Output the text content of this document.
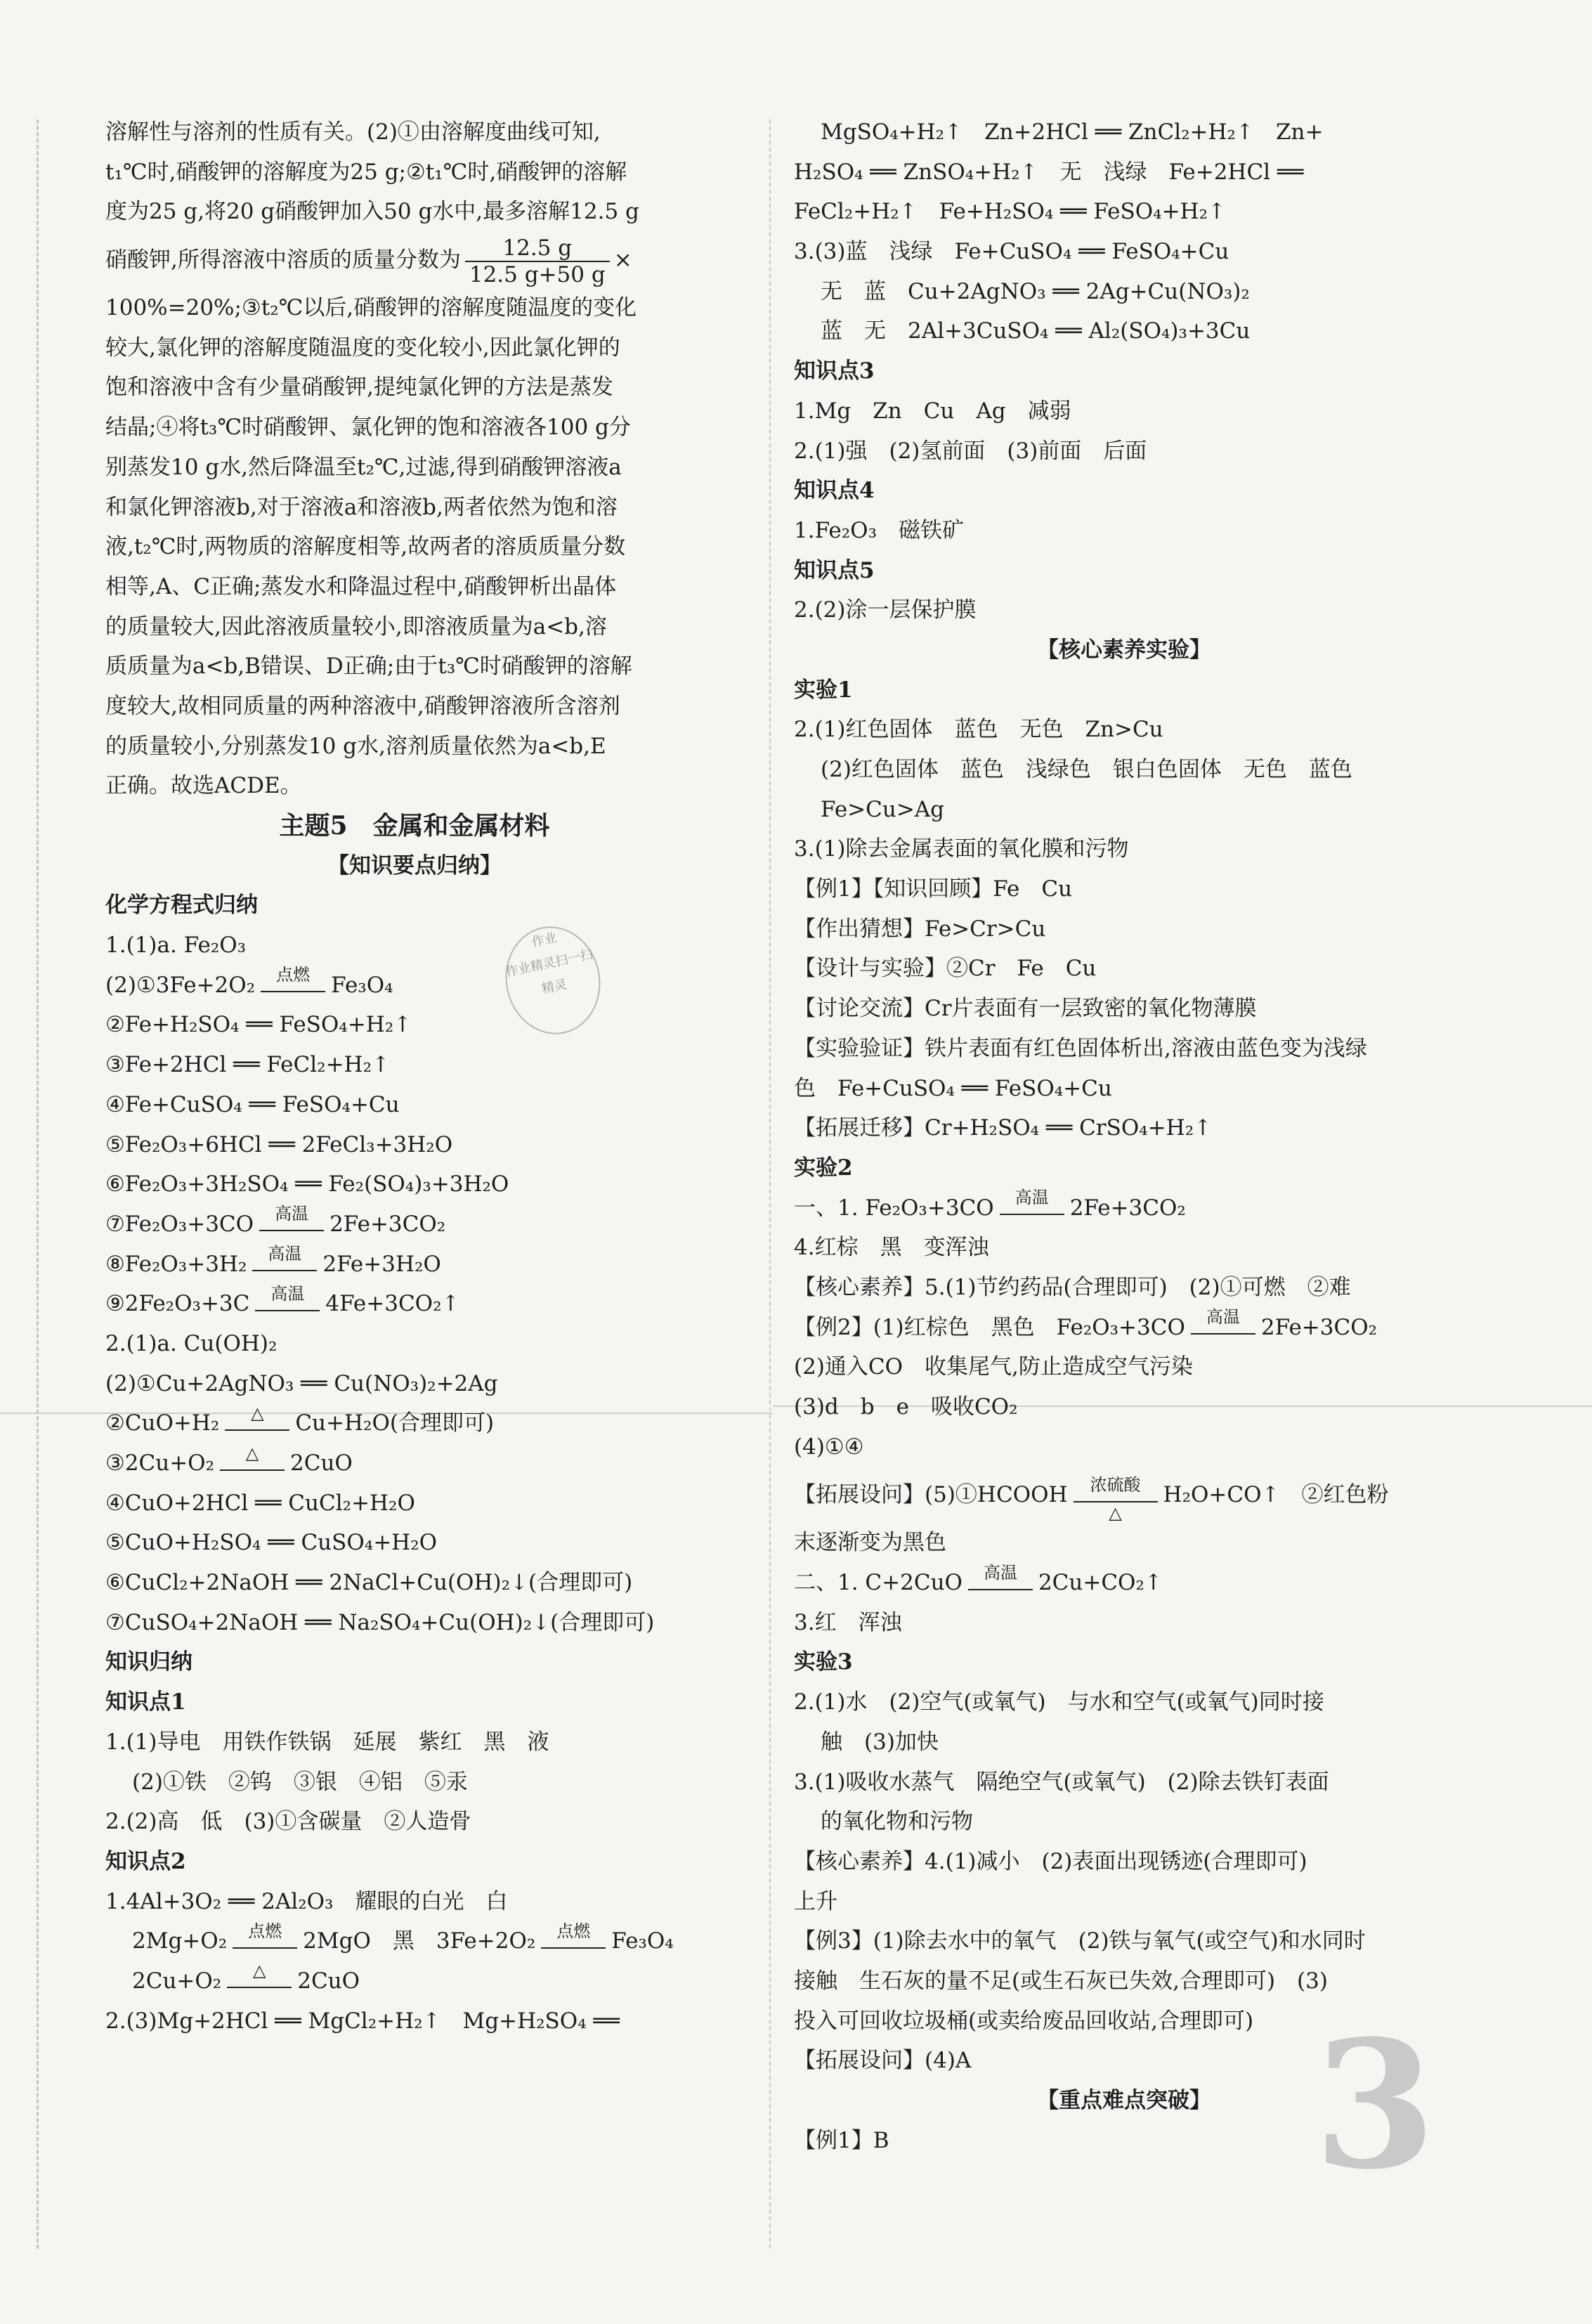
溶解性与溶剂的性质有关。(2)①由溶解度曲线可知,
t₁℃时,硝酸钾的溶解度为25 g;②t₁℃时,硝酸钾的溶解
度为25 g,将20 g硝酸钾加入50 g水中,最多溶解12.5 g
硝酸钾,所得溶液中溶质的质量分数为 $\frac{12.5 g}{12.5 g+50 g}$ ×
100%=20%;③t₂℃以后,硝酸钾的溶解度随温度的变化
较大,氯化钾的溶解度随温度的变化较小,因此氯化钾的
饱和溶液中含有少量硝酸钾,提纯氯化钾的方法是蒸发
结晶;④将t₃℃时硝酸钾、氯化钾的饱和溶液各100 g分
别蒸发10 g水,然后降温至t₂℃,过滤,得到硝酸钾溶液a
和氯化钾溶液b,对于溶液a和溶液b,两者依然为饱和溶
液,t₂℃时,两物质的溶解度相等,故两者的溶质质量分数
相等,A、C正确;蒸发水和降温过程中,硝酸钾析出晶体
的质量较大,因此溶液质量较小,即溶液质量为a<b,溶
质质量为a<b,B错误、D正确;由于t₃℃时硝酸钾的溶解
度较大,故相同质量的两种溶液中,硝酸钾溶液所含溶剂
的质量较小,分别蒸发10 g水,溶剂质量依然为a<b,E
正确。故选ACDE。
主题5　金属和金属材料
【知识要点归纳】
化学方程式归纳
1.(1)a. Fe₂O₃
(2)①3Fe+2O₂	点燃 Fe₃O₄
②Fe+H₂SO₄ ══ FeSO₄+H₂↑
③Fe+2HCl ══ FeCl₂+H₂↑
④Fe+CuSO₄ ══ FeSO₄+Cu
⑤Fe₂O₃+6HCl ══ 2FeCl₃+3H₂O
⑥Fe₂O₃+3H₂SO₄ ══ Fe₂(SO₄)₃+3H₂O
⑦Fe₂O₃+3CO	高温 2Fe+3CO₂
⑧Fe₂O₃+3H₂	高温 2Fe+3H₂O
⑨2Fe₂O₃+3C	高温 4Fe+3CO₂↑
2.(1)a. Cu(OH)₂
(2)①Cu+2AgNO₃ ══ Cu(NO₃)₂+2Ag
②CuO+H₂	△	Cu+H₂O(合理即可)
③2Cu+O₂	△	2CuO
④CuO+2HCl ══ CuCl₂+H₂O
⑤CuO+H₂SO₄ ══ CuSO₄+H₂O
⑥CuCl₂+2NaOH ══ 2NaCl+Cu(OH)₂↓(合理即可)
⑦CuSO₄+2NaOH ══ Na₂SO₄+Cu(OH)₂↓(合理即可)
知识归纳
知识点1
1.(1)导电　用铁作铁锅　延展　紫红　黑　液
(2)①铁　②钨　③银　④铝　⑤汞
2.(2)高　低　(3)①含碳量　②人造骨
知识点2
1.4Al+3O₂ ══ 2Al₂O₃　耀眼的白光　白
2Mg+O₂	点燃 2MgO　黑　3Fe+2O₂	点燃 Fe₃O₄
2Cu+O₂	△	2CuO
2.(3)Mg+2HCl ══ MgCl₂+H₂↑　Mg+H₂SO₄ ══
MgSO₄+H₂↑　Zn+2HCl ══ ZnCl₂+H₂↑　Zn+
H₂SO₄ ══ ZnSO₄+H₂↑　无　浅绿　Fe+2HCl ══
FeCl₂+H₂↑　Fe+H₂SO₄ ══ FeSO₄+H₂↑
3.(3)蓝　浅绿　Fe+CuSO₄ ══ FeSO₄+Cu
无　蓝　Cu+2AgNO₃ ══ 2Ag+Cu(NO₃)₂
蓝　无　2Al+3CuSO₄ ══ Al₂(SO₄)₃+3Cu
知识点3
1.Mg　Zn　Cu　Ag　减弱
2.(1)强　(2)氢前面　(3)前面　后面
知识点4
1.Fe₂O₃　磁铁矿
知识点5
2.(2)涂一层保护膜
【核心素养实验】
实验1
2.(1)红色固体　蓝色　无色　Zn>Cu
(2)红色固体　蓝色　浅绿色　银白色固体　无色　蓝色
Fe>Cu>Ag
3.(1)除去金属表面的氧化膜和污物
【例1】【知识回顾】Fe　Cu
【作出猜想】Fe>Cr>Cu
【设计与实验】②Cr　Fe　Cu
【讨论交流】Cr片表面有一层致密的氧化物薄膜
【实验验证】铁片表面有红色固体析出,溶液由蓝色变为浅绿
色　Fe+CuSO₄ ══ FeSO₄+Cu
【拓展迁移】Cr+H₂SO₄ ══ CrSO₄+H₂↑
实验2
一、1. Fe₂O₃+3CO	高温 2Fe+3CO₂
4.红棕　黑　变浑浊
【核心素养】5.(1)节约药品(合理即可)　(2)①可燃　②难
【例2】(1)红棕色　黑色　Fe₂O₃+3CO	高温 2Fe+3CO₂
(2)通入CO　收集尾气,防止造成空气污染
(3)d　b　e　吸收CO₂
(4)①④
【拓展设问】(5)①HCOOH	浓硫酸
△
H₂O+CO↑　②红色粉
末逐渐变为黑色
二、1. C+2CuO	高温 2Cu+CO₂↑
3.红　浑浊
实验3
2.(1)水　(2)空气(或氧气)　与水和空气(或氧气)同时接
触　(3)加快
3.(1)吸收水蒸气　隔绝空气(或氧气)　(2)除去铁钉表面
的氧化物和污物
【核心素养】4.(1)减小　(2)表面出现锈迹(合理即可)
上升
【例3】(1)除去水中的氧气　(2)铁与氧气(或空气)和水同时
接触　生石灰的量不足(或生石灰已失效,合理即可)　(3)
投入可回收垃圾桶(或卖给废品回收站,合理即可)
【拓展设问】(4)A
【重点难点突破】
【例1】B
作业
作业精灵扫一扫
精灵
3
